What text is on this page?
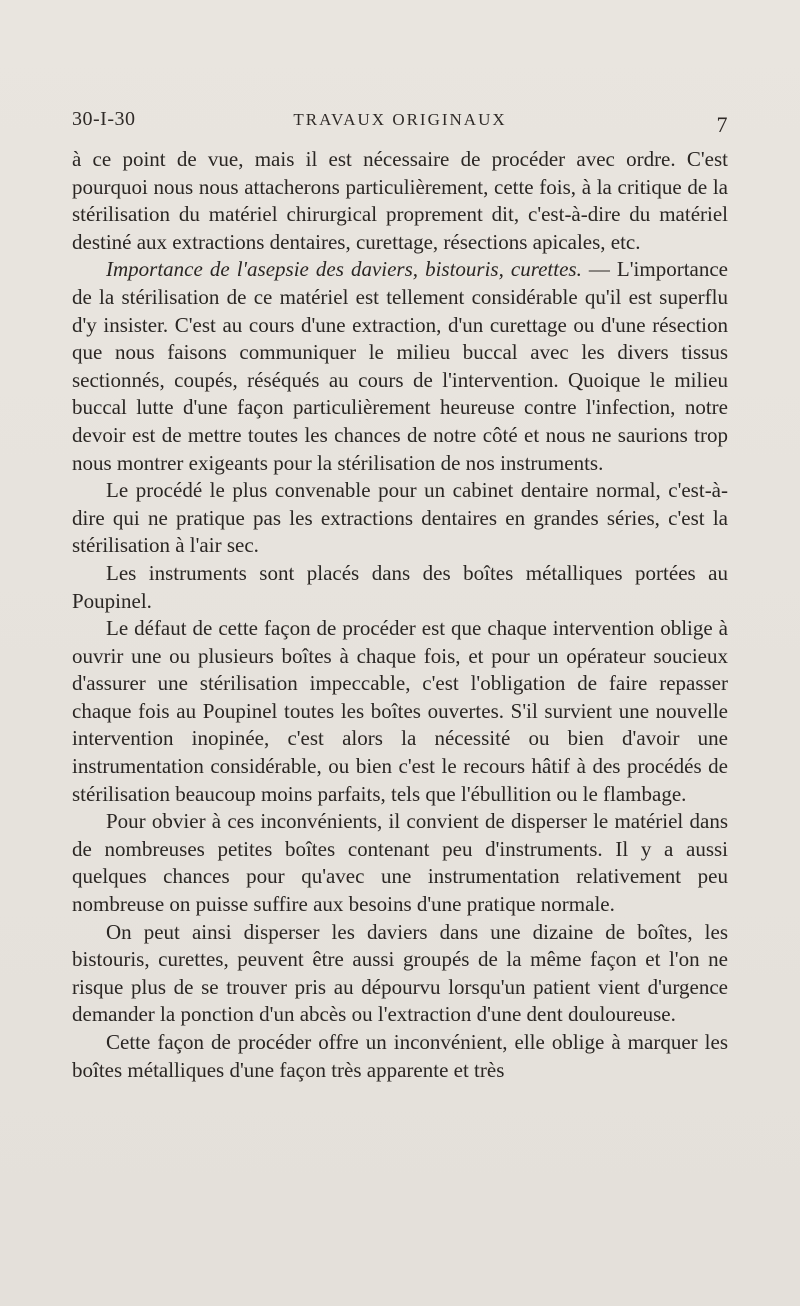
30-I-30	TRAVAUX ORIGINAUX	7

à ce point de vue, mais il est nécessaire de procéder avec ordre. C'est pourquoi nous nous attacherons particulièrement, cette fois, à la critique de la stérilisation du matériel chirurgical proprement dit, c'est-à-dire du matériel destiné aux extractions dentaires, curettage, résections apicales, etc.

Importance de l'asepsie des daviers, bistouris, curettes. — L'importance de la stérilisation de ce matériel est tellement considérable qu'il est superflu d'y insister. C'est au cours d'une extraction, d'un curettage ou d'une résection que nous faisons communiquer le milieu buccal avec les divers tissus sectionnés, coupés, réséqués au cours de l'intervention. Quoique le milieu buccal lutte d'une façon particulièrement heureuse contre l'infection, notre devoir est de mettre toutes les chances de notre côté et nous ne saurions trop nous montrer exigeants pour la stérilisation de nos instruments.

Le procédé le plus convenable pour un cabinet dentaire normal, c'est-à-dire qui ne pratique pas les extractions dentaires en grandes séries, c'est la stérilisation à l'air sec.

Les instruments sont placés dans des boîtes métalliques portées au Poupinel.

Le défaut de cette façon de procéder est que chaque intervention oblige à ouvrir une ou plusieurs boîtes à chaque fois, et pour un opérateur soucieux d'assurer une stérilisation impeccable, c'est l'obligation de faire repasser chaque fois au Poupinel toutes les boîtes ouvertes. S'il survient une nouvelle intervention inopinée, c'est alors la nécessité ou bien d'avoir une instrumentation considérable, ou bien c'est le recours hâtif à des procédés de stérilisation beaucoup moins parfaits, tels que l'ébullition ou le flambage.

Pour obvier à ces inconvénients, il convient de disperser le matériel dans de nombreuses petites boîtes contenant peu d'instruments. Il y a aussi quelques chances pour qu'avec une instrumentation relativement peu nombreuse on puisse suffire aux besoins d'une pratique normale.

On peut ainsi disperser les daviers dans une dizaine de boîtes, les bistouris, curettes, peuvent être aussi groupés de la même façon et l'on ne risque plus de se trouver pris au dépourvu lorsqu'un patient vient d'urgence demander la ponction d'un abcès ou l'extraction d'une dent douloureuse.

Cette façon de procéder offre un inconvénient, elle oblige à marquer les boîtes métalliques d'une façon très apparente et très
